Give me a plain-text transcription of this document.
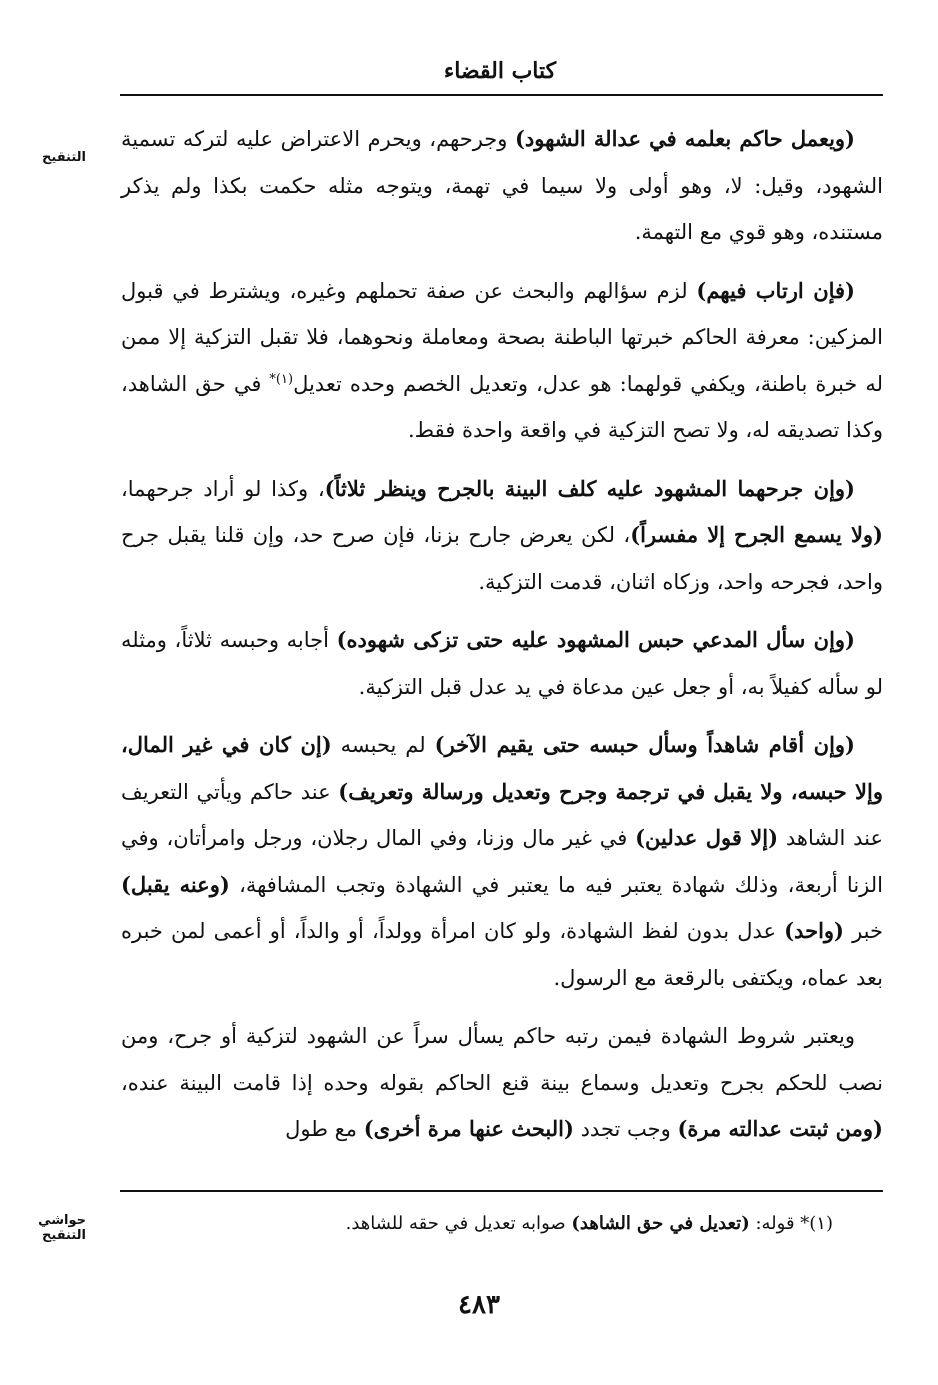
كتاب القضاء
التنقيح

(ويعمل حاكم بعلمه في عدالة الشهود) وجرحهم، ويحرم الاعتراض عليه لتركه تسمية الشهود، وقيل: لا، وهو أولى ولا سيما في تهمة، ويتوجه مثله حكمت بكذا ولم يذكر مستنده، وهو قوي مع التهمة.

(فإن ارتاب فيهم) لزم سؤالهم والبحث عن صفة تحملهم وغيره، ويشترط في قبول المزكين: معرفة الحاكم خبرتها الباطنة بصحة ومعاملة ونحوهما، فلا تقبل التزكية إلا ممن له خبرة باطنة، ويكفي قولهما: هو عدل، وتعديل الخصم وحده تعديل$^{(١)*}$ في حق الشاهد، وكذا تصديقه له، ولا تصح التزكية في واقعة واحدة فقط.

(وإن جرحهما المشهود عليه كلف البينة بالجرح وينظر ثلاثاً)، وكذا لو أراد جرحهما، (ولا يسمع الجرح إلا مفسراً)، لكن يعرض جارح بزنا، فإن صرح حد، وإن قلنا يقبل جرح واحد، فجرحه واحد، وزكاه اثنان، قدمت التزكية.

(وإن سأل المدعي حبس المشهود عليه حتى تزكى شهوده) أجابه وحبسه ثلاثاً، ومثله لو سأله كفيلاً به، أو جعل عين مدعاة في يد عدل قبل التزكية.

(وإن أقام شاهداً وسأل حبسه حتى يقيم الآخر) لم يحبسه (إن كان في غير المال، وإلا حبسه، ولا يقبل في ترجمة وجرح وتعديل ورسالة وتعريف) عند حاكم ويأتي التعريف عند الشاهد (إلا قول عدلين) في غير مال وزنا، وفي المال رجلان، ورجل وامرأتان، وفي الزنا أربعة، وذلك شهادة يعتبر فيه ما يعتبر في الشهادة وتجب المشافهة، (وعنه يقبل) خبر (واحد) عدل بدون لفظ الشهادة، ولو كان امرأة وولداً، أو والداً، أو أعمى لمن خبره بعد عماه، ويكتفى بالرقعة مع الرسول.

ويعتبر شروط الشهادة فيمن رتبه حاكم يسأل سراً عن الشهود لتزكية أو جرح، ومن نصب للحكم بجرح وتعديل وسماع بينة قنع الحاكم بقوله وحده إذا قامت البينة عنده، (ومن ثبتت عدالته مرة) وجب تجدد (البحث عنها مرة أخرى) مع طول

حواشي التنقيح
(١)* قوله: (تعديل في حق الشاهد) صوابه تعديل في حقه للشاهد.
٤٨٣
